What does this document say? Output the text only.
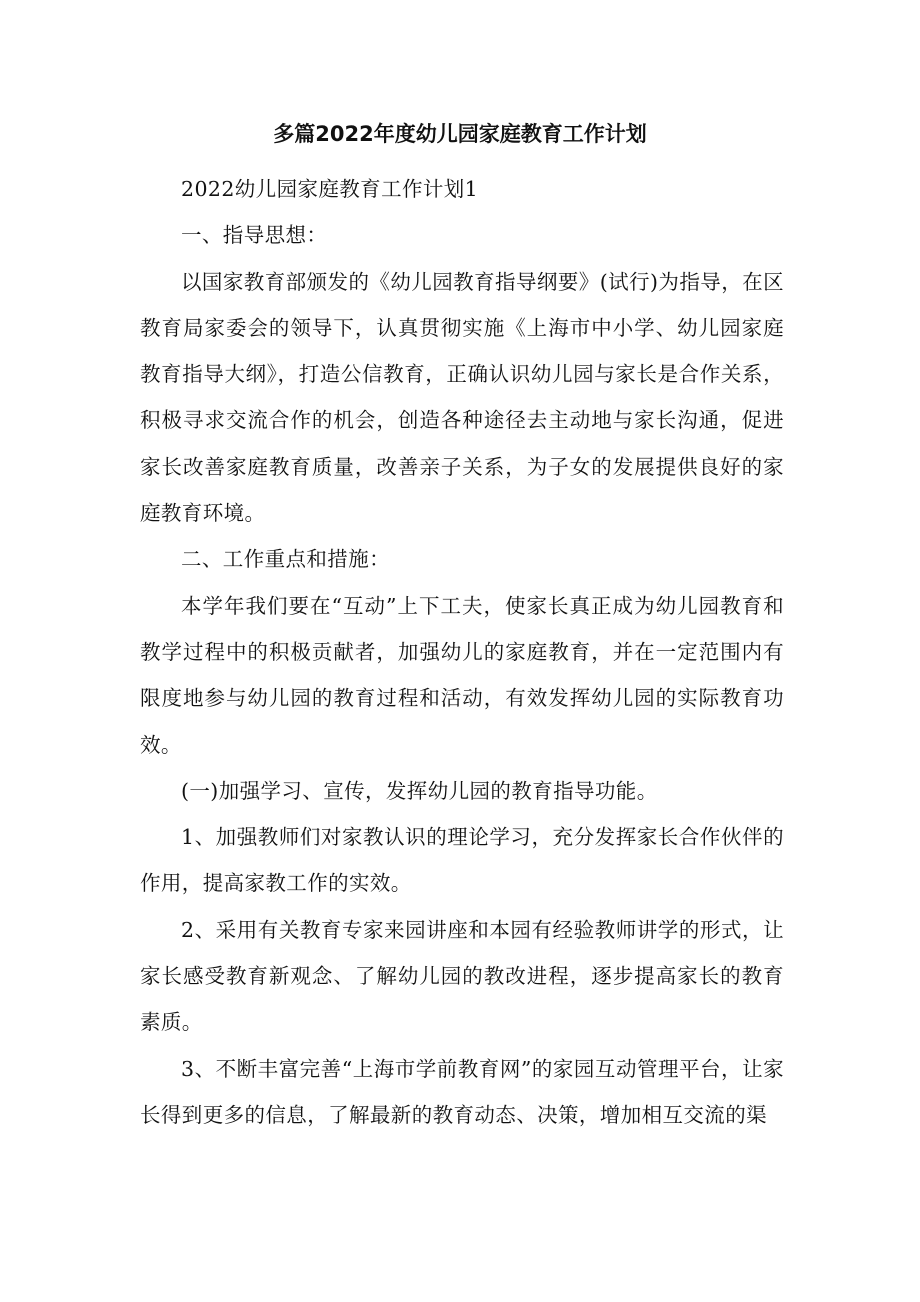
多篇2022年度幼儿园家庭教育工作计划

2022幼儿园家庭教育工作计划1

一、指导思想：

以国家教育部颁发的《幼儿园教育指导纲要》(试行)为指导，在区教育局家委会的领导下，认真贯彻实施《上海市中小学、幼儿园家庭教育指导大纲》，打造公信教育，正确认识幼儿园与家长是合作关系，积极寻求交流合作的机会，创造各种途径去主动地与家长沟通，促进家长改善家庭教育质量，改善亲子关系，为子女的发展提供良好的家庭教育环境。

二、工作重点和措施：

本学年我们要在“互动”上下工夫，使家长真正成为幼儿园教育和教学过程中的积极贡献者，加强幼儿的家庭教育，并在一定范围内有限度地参与幼儿园的教育过程和活动，有效发挥幼儿园的实际教育功效。

(一)加强学习、宣传，发挥幼儿园的教育指导功能。

1、加强教师们对家教认识的理论学习，充分发挥家长合作伙伴的作用，提高家教工作的实效。

2、采用有关教育专家来园讲座和本园有经验教师讲学的形式，让家长感受教育新观念、了解幼儿园的教改进程，逐步提高家长的教育素质。

3、不断丰富完善“上海市学前教育网”的家园互动管理平台，让家长得到更多的信息，了解最新的教育动态、决策，增加相互交流的渠
